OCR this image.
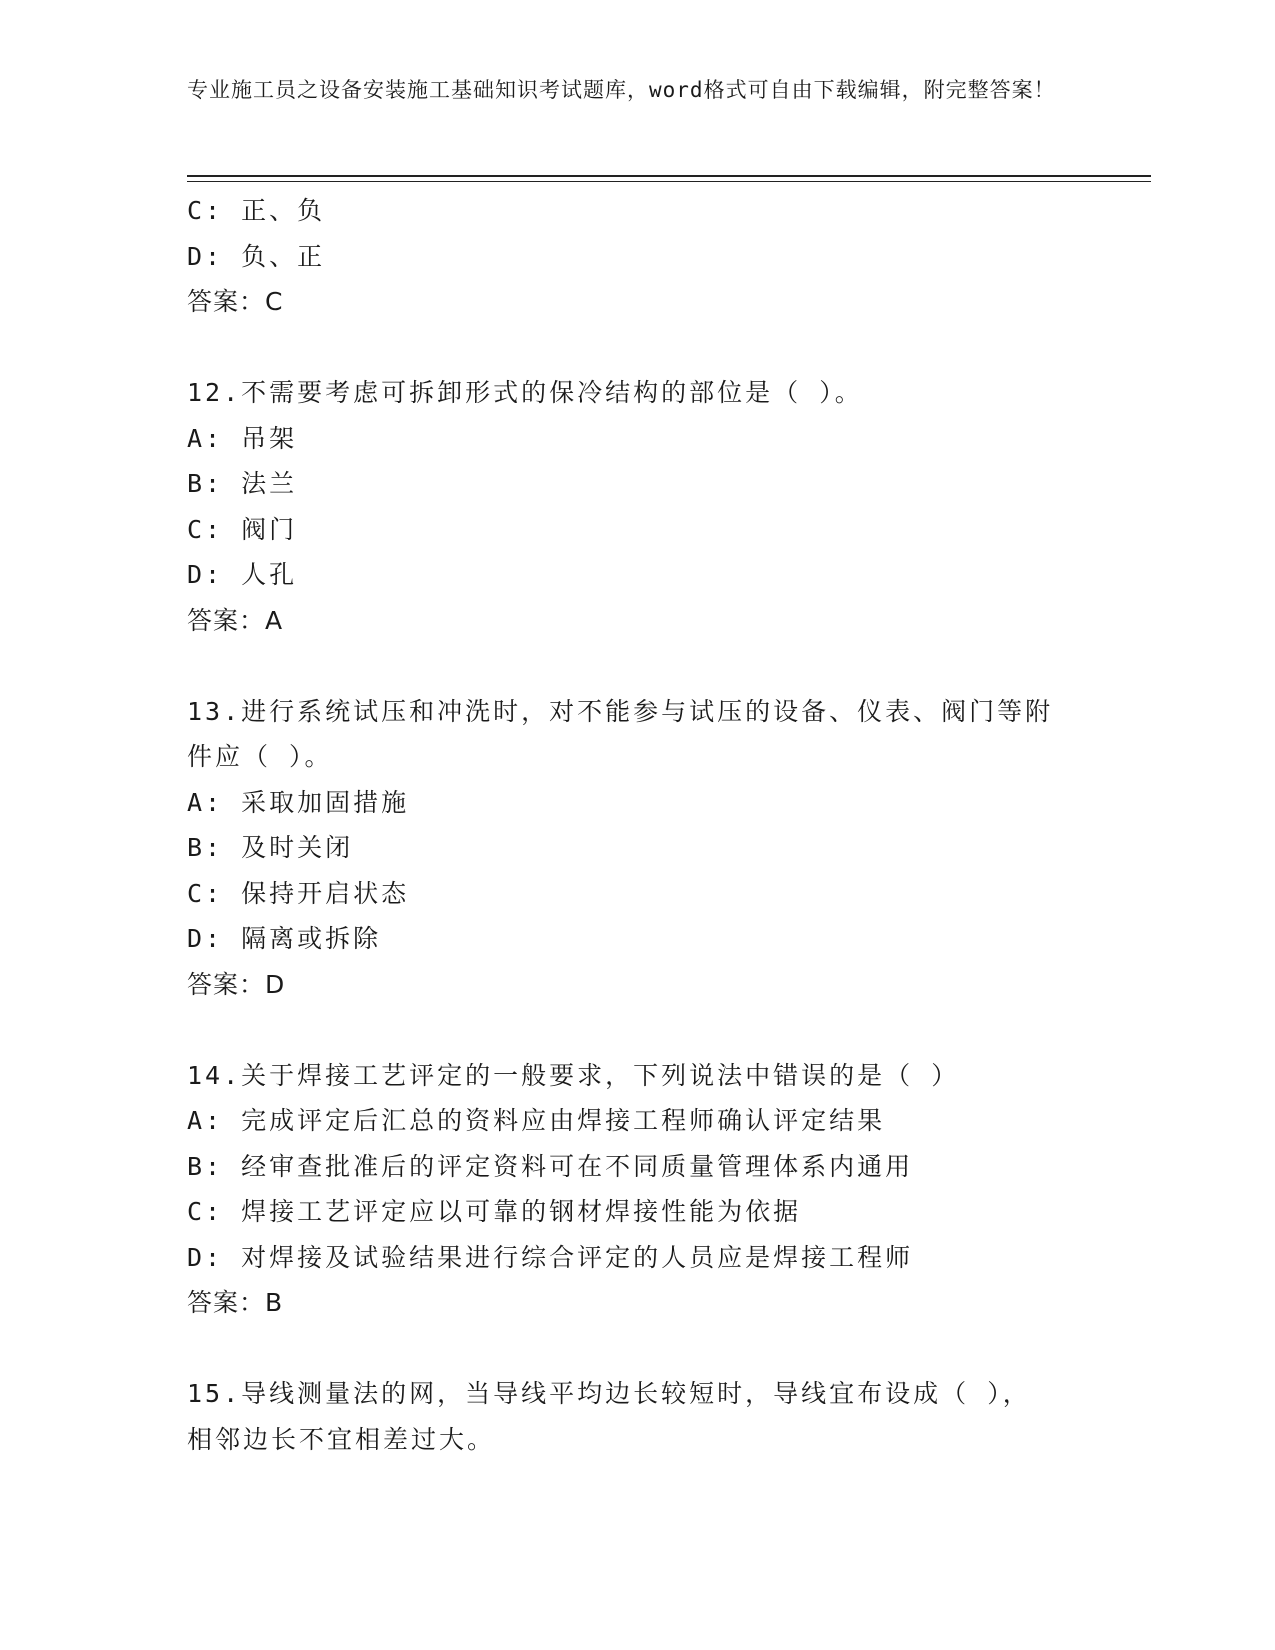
专业施工员之设备安装施工基础知识考试题库，word格式可自由下载编辑，附完整答案！
C: 正、负
D: 负、正
答案：C
12.不需要考虑可拆卸形式的保冷结构的部位是（ ）。
A: 吊架
B: 法兰
C: 阀门
D: 人孔
答案：A
13.进行系统试压和冲洗时，对不能参与试压的设备、仪表、阀门等附
件应（ ）。
A: 采取加固措施
B: 及时关闭
C: 保持开启状态
D: 隔离或拆除
答案：D
14.关于焊接工艺评定的一般要求，下列说法中错误的是（ ）
A: 完成评定后汇总的资料应由焊接工程师确认评定结果
B: 经审查批准后的评定资料可在不同质量管理体系内通用
C: 焊接工艺评定应以可靠的钢材焊接性能为依据
D: 对焊接及试验结果进行综合评定的人员应是焊接工程师
答案：B
15.导线测量法的网，当导线平均边长较短时，导线宜布设成（ ），
相邻边长不宜相差过大。
